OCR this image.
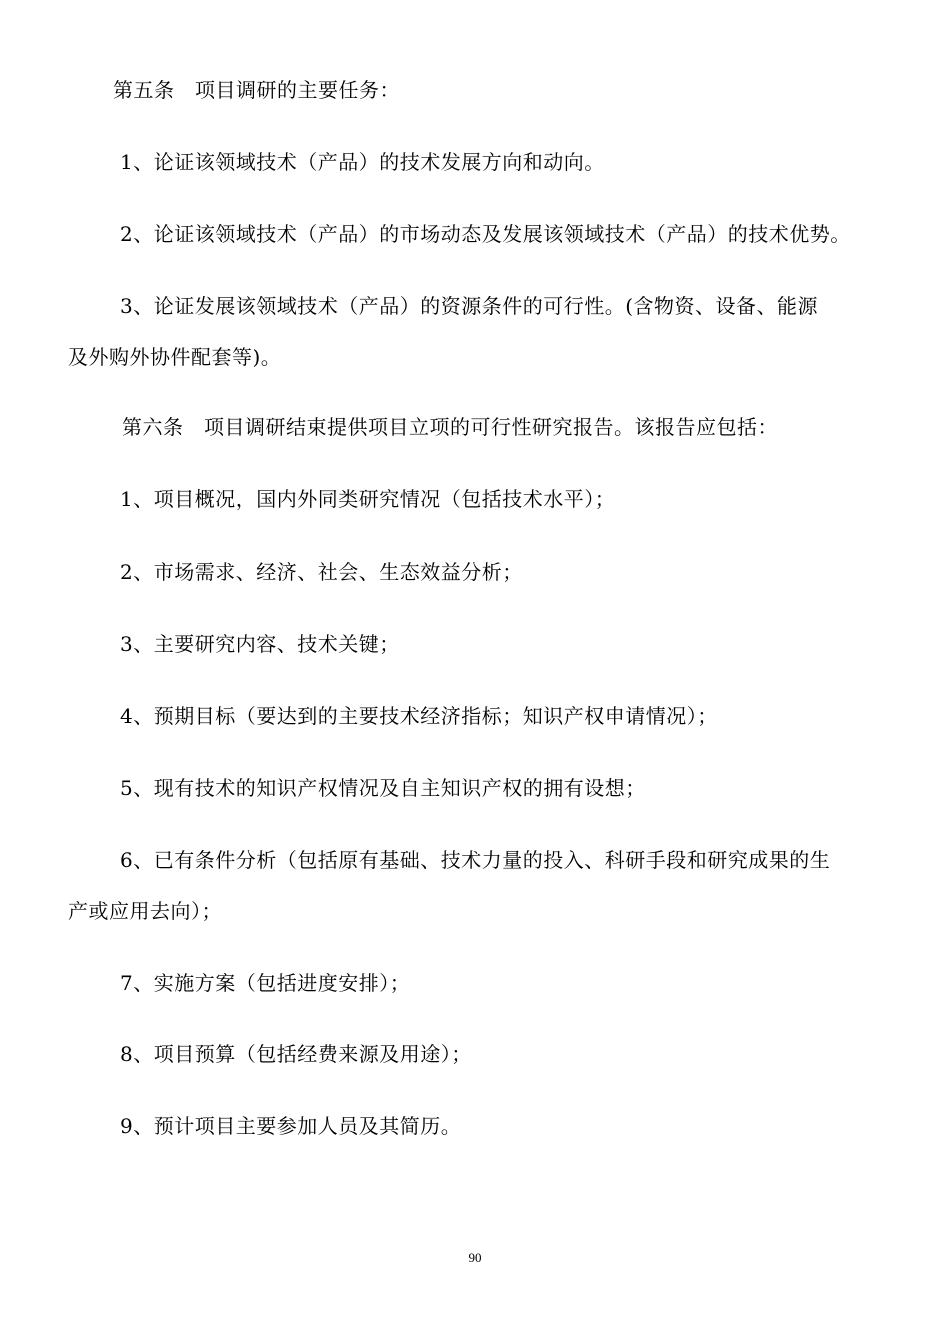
第五条　项目调研的主要任务：
1、论证该领域技术（产品）的技术发展方向和动向。
2、论证该领域技术（产品）的市场动态及发展该领域技术（产品）的技术优势。
3、论证发展该领域技术（产品）的资源条件的可行性。(含物资、设备、能源
及外购外协件配套等)。
第六条　项目调研结束提供项目立项的可行性研究报告。该报告应包括：
1、项目概况，国内外同类研究情况（包括技术水平）；
2、市场需求、经济、社会、生态效益分析；
3、主要研究内容、技术关键；
4、预期目标（要达到的主要技术经济指标；知识产权申请情况）；
5、现有技术的知识产权情况及自主知识产权的拥有设想；
6、已有条件分析（包括原有基础、技术力量的投入、科研手段和研究成果的生
产或应用去向）；
7、实施方案（包括进度安排）；
8、项目预算（包括经费来源及用途）；
9、预计项目主要参加人员及其简历。
90
